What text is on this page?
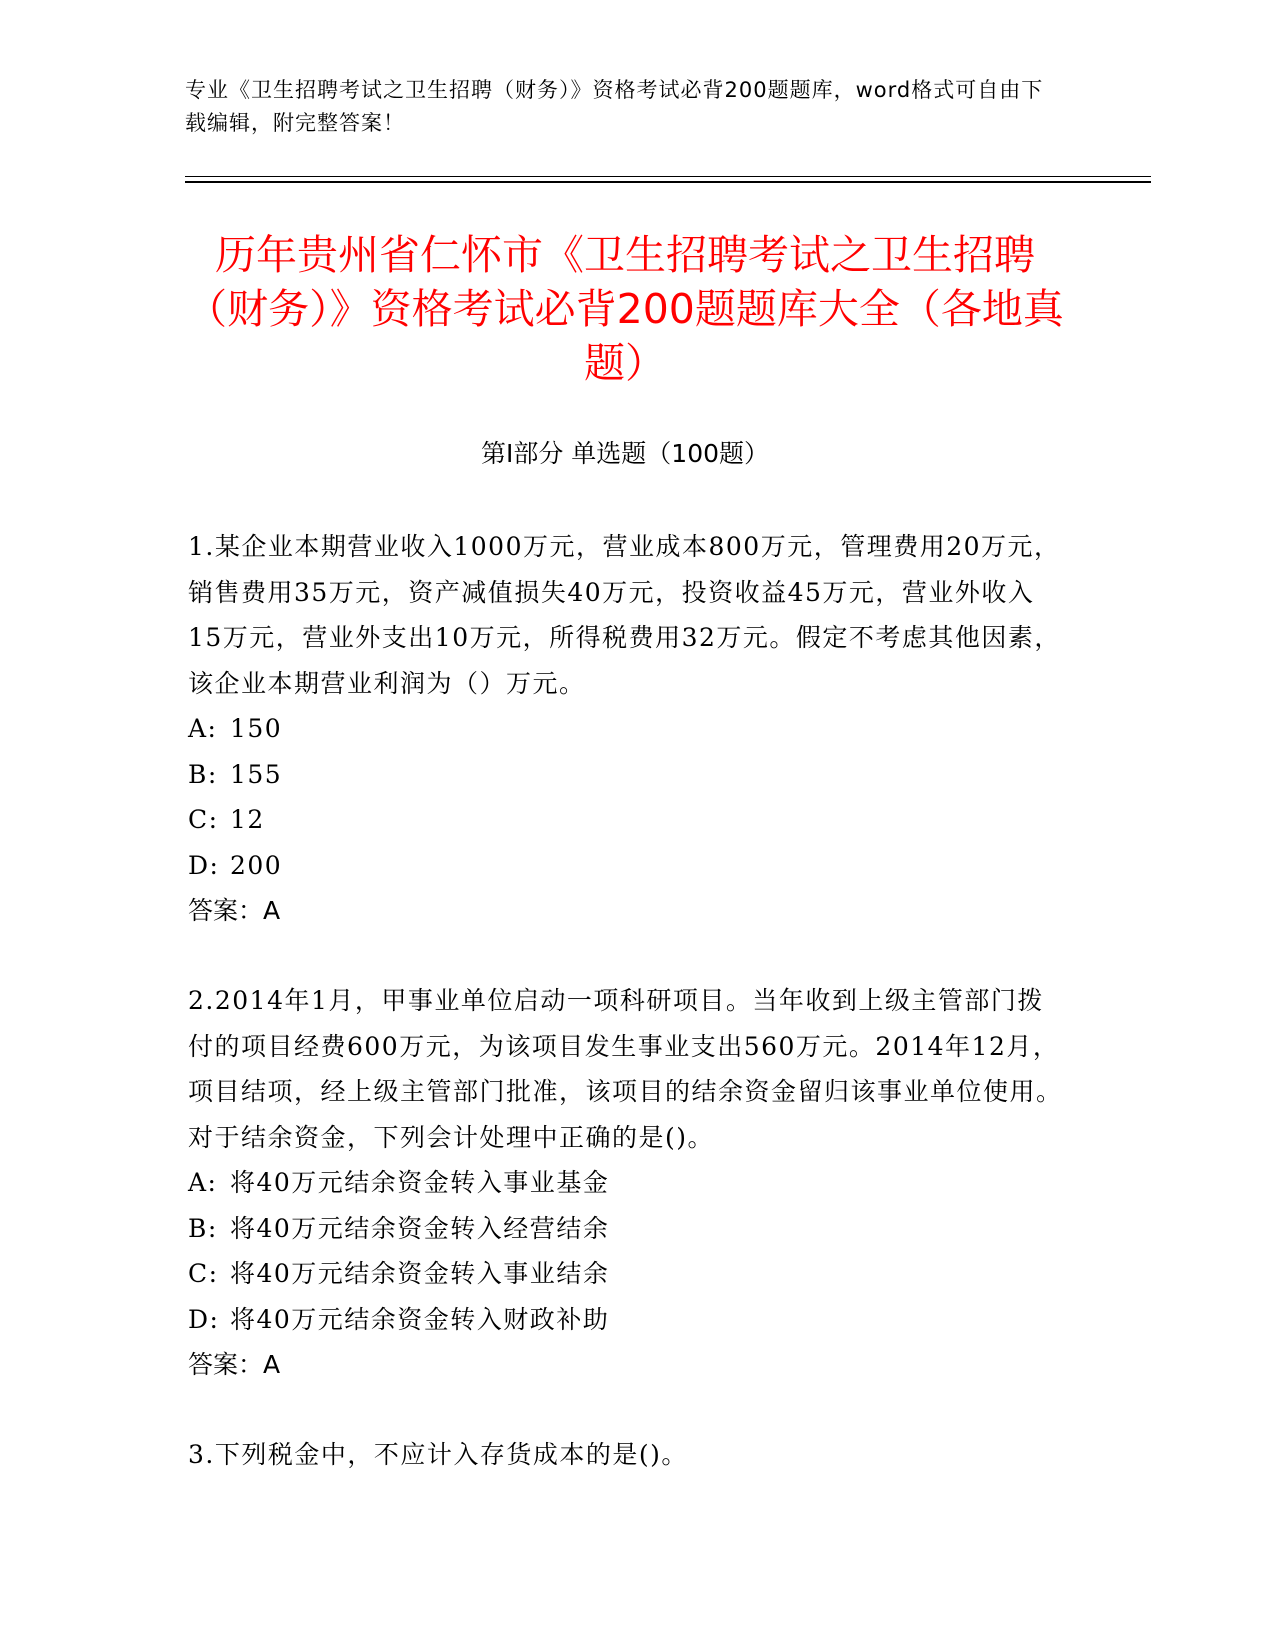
专业《卫生招聘考试之卫生招聘（财务）》资格考试必背200题题库，word格式可自由下载编辑，附完整答案！
历年贵州省仁怀市《卫生招聘考试之卫生招聘（财务）》资格考试必背200题题库大全（各地真题）
第I部分 单选题（100题）

1.某企业本期营业收入1000万元，营业成本800万元，管理费用20万元，销售费用35万元，资产减值损失40万元，投资收益45万元，营业外收入15万元，营业外支出10万元，所得税费用32万元。假定不考虑其他因素，该企业本期营业利润为（）万元。

A: 150

B: 155

C: 12

D: 200

答案：A

2.2014年1月，甲事业单位启动一项科研项目。当年收到上级主管部门拨付的项目经费600万元，为该项目发生事业支出560万元。2014年12月，项目结项，经上级主管部门批准，该项目的结余资金留归该事业单位使用。对于结余资金，下列会计处理中正确的是()。

A: 将40万元结余资金转入事业基金

B: 将40万元结余资金转入经营结余

C: 将40万元结余资金转入事业结余

D: 将40万元结余资金转入财政补助

答案：A

3.下列税金中，不应计入存货成本的是()。
